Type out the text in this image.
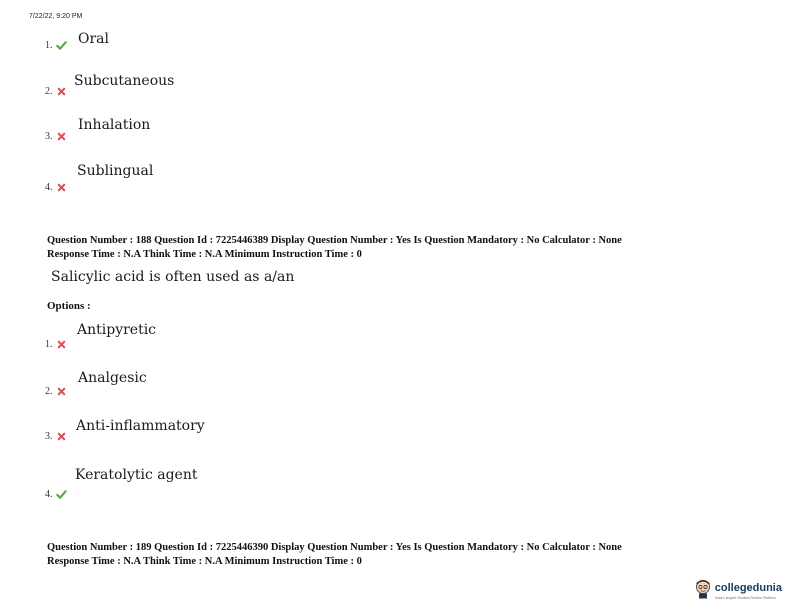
7/22/22, 9:20 PM
1. Oral
2.
Subcutaneous
3.
Inhalation
4.
Sublingual
Question Number : 188 Question Id : 7225446389 Display Question Number : Yes Is Question Mandatory : No Calculator : None
Response Time : N.A Think Time : N.A Minimum Instruction Time : 0
Salicylic acid is often used as a/an
Options :
1.
Antipyretic
2.
Analgesic
3.
Anti-inflammatory
4.
Keratolytic agent
Question Number : 189 Question Id : 7225446390 Display Question Number : Yes Is Question Mandatory : No Calculator : None
Response Time : N.A Think Time : N.A Minimum Instruction Time : 0
collegedunia
India's largest Student Review Platform
